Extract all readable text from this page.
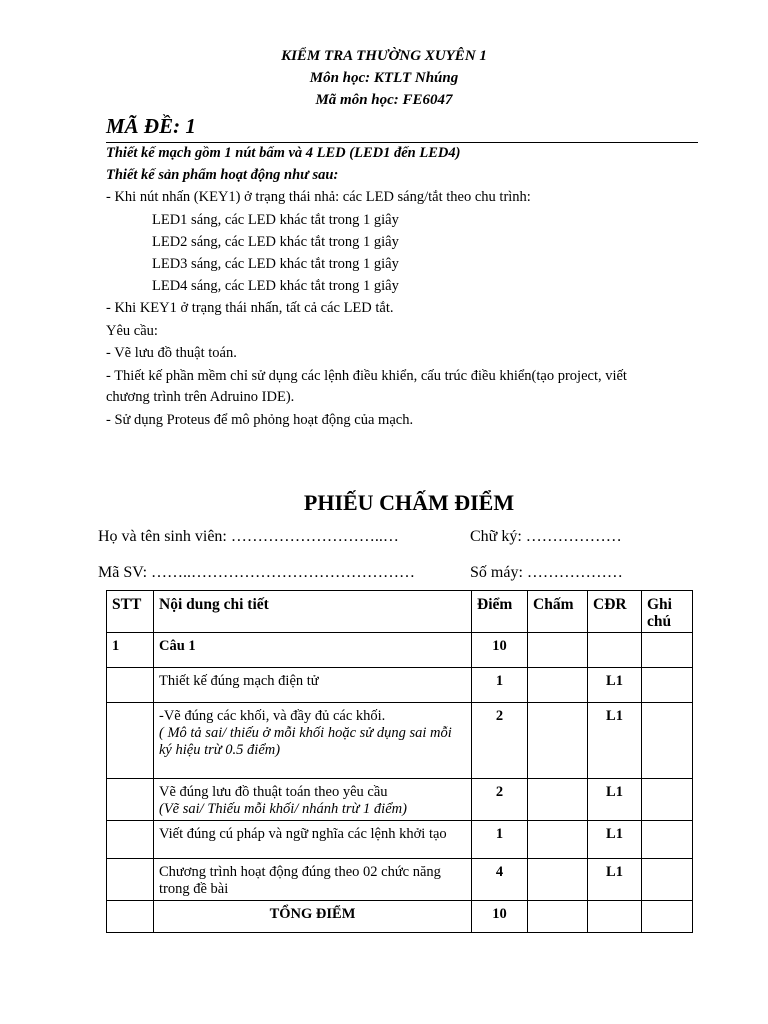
KIỂM TRA THƯỜNG XUYÊN 1
Môn học: KTLT Nhúng
Mã môn học: FE6047
MÃ ĐỀ: 1
Thiết kế mạch gồm 1 nút bấm và 4 LED (LED1 đến LED4)
Thiết kế sản phẩm hoạt động như sau:
- Khi nút nhấn (KEY1) ở trạng thái nhả: các LED sáng/tắt theo chu trình:
LED1 sáng, các LED khác tắt trong 1 giây
LED2 sáng, các LED khác tắt trong 1 giây
LED3 sáng, các LED khác tắt trong 1 giây
LED4 sáng, các LED khác tắt trong 1 giây
- Khi KEY1 ở trạng thái nhấn, tất cả các LED tắt.
Yêu cầu:
- Vẽ lưu đồ thuật toán.
- Thiết kế phần mềm chỉ sử dụng các lệnh điều khiển, cấu trúc điều khiển(tạo project, viết
chương trình trên Adruino IDE).
- Sử dụng Proteus để mô phỏng hoạt động của mạch.
PHIẾU CHẤM ĐIỂM
Họ và tên sinh viên: ………………………..…	Chữ ký: ………………
Mã SV: ……..……………………………………	Số máy: ………………
STT	Nội dung chi tiết	Điểm	Chấm	CĐR	Ghi chú
1	Câu 1	10			
	Thiết kế đúng mạch điện tử	1		L1	
	-Vẽ đúng các khối, và đầy đủ các khối.
( Mô tả sai/ thiếu ở mỗi khối hoặc sử dụng sai mỗi ký hiệu trừ 0.5 điểm)	2		L1	
	Vẽ đúng lưu đồ thuật toán theo yêu cầu
(Vẽ sai/ Thiếu mỗi khối/ nhánh trừ 1 điểm)	2		L1	
	Viết đúng cú pháp và ngữ nghĩa các lệnh khởi tạo	1		L1	
	Chương trình hoạt động đúng theo 02 chức năng trong đề bài	4		L1	
	TỔNG ĐIỂM	10			
